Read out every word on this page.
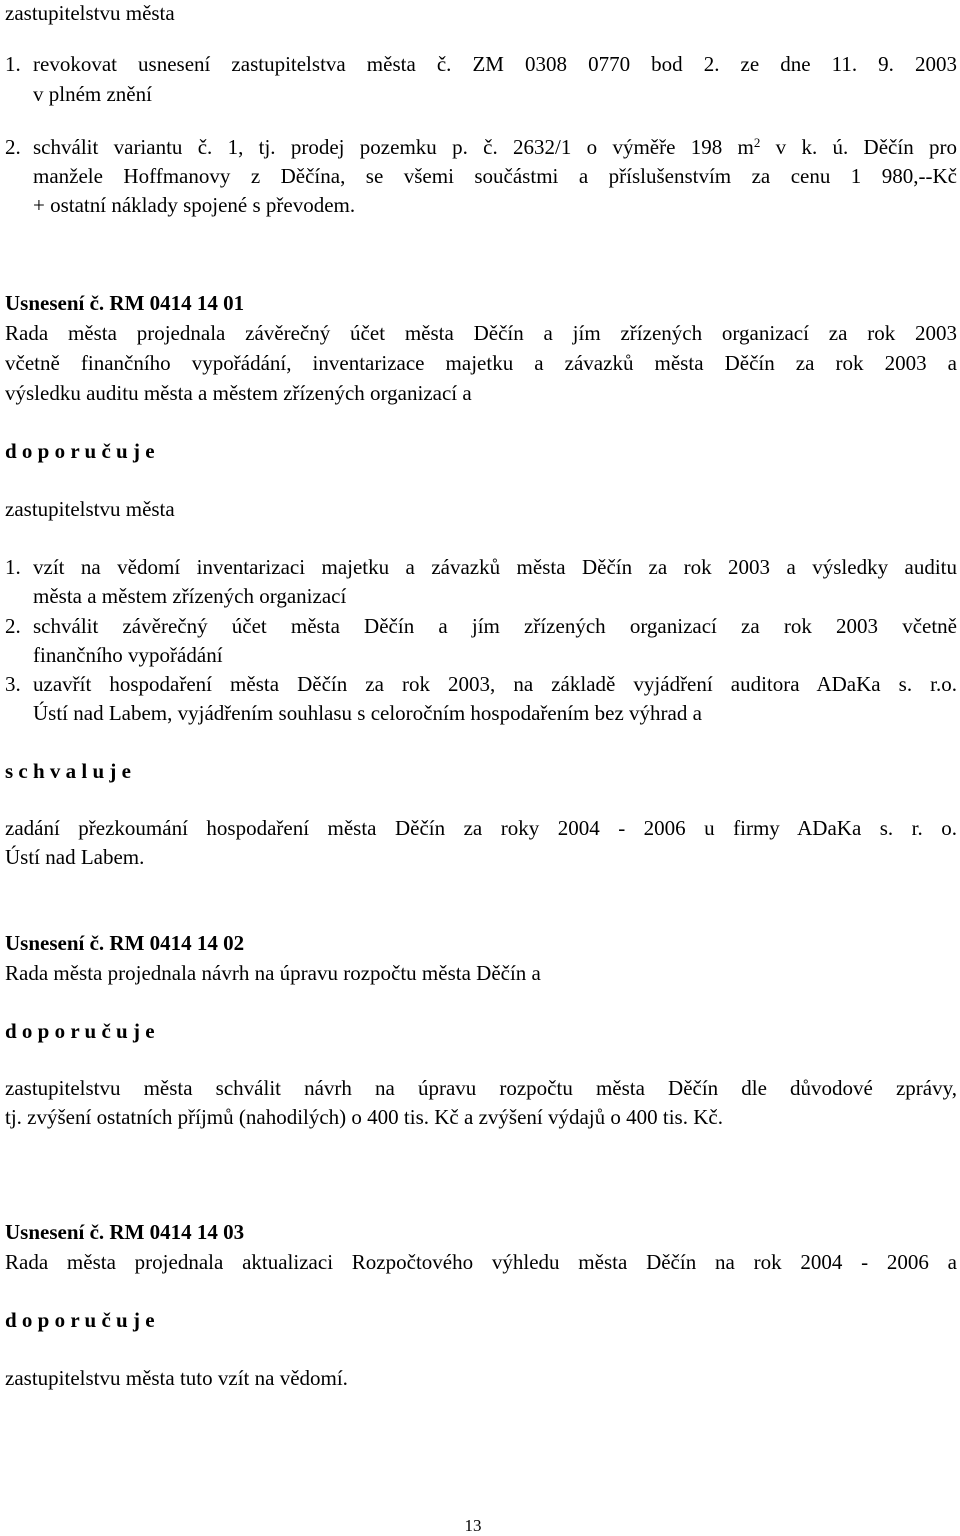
zastupitelstvu města
1. revokovat usnesení zastupitelstva města č. ZM 0308 0770 bod 2. ze dne 11. 9. 2003
v plném znění
2. schválit variantu č. 1, tj. prodej pozemku p. č. 2632/1 o výměře 198 $m^2$ v k. ú. Děčín pro
manžele Hoffmanovy z Děčína, se všemi součástmi a příslušenstvím za cenu 1 980,--Kč
+ ostatní náklady spojené s převodem.
Usnesení č. RM 0414 14 01
Rada města projednala závěrečný účet města Děčín a jím zřízených organizací za rok 2003
včetně finančního vypořádání, inventarizace majetku a závazků města Děčín za rok 2003 a
výsledku auditu města a městem zřízených organizací a
d o p o r u č u j e
zastupitelstvu města
1. vzít na vědomí inventarizaci majetku a závazků města Děčín za rok 2003 a výsledky auditu
města a městem zřízených organizací
2. schválit závěrečný účet města Děčín a jím zřízených organizací za rok 2003 včetně
finančního vypořádání
3. uzavřít hospodaření města Děčín za rok 2003, na základě vyjádření auditora ADaKa s. r.o.
Ústí nad Labem, vyjádřením souhlasu s celoročním hospodařením bez výhrad a
s c h v a l u j e
zadání přezkoumání hospodaření města Děčín za roky 2004 - 2006 u firmy ADaKa s. r. o.
Ústí nad Labem.
Usnesení č. RM 0414 14 02
Rada města projednala návrh na úpravu rozpočtu města Děčín a
d o p o r u č u j e
zastupitelstvu města schválit návrh na úpravu rozpočtu města Děčín dle důvodové zprávy,
tj. zvýšení ostatních příjmů (nahodilých) o 400 tis. Kč a zvýšení výdajů o 400 tis. Kč.
Usnesení č. RM 0414 14 03
Rada města projednala aktualizaci Rozpočtového výhledu města Děčín na rok 2004 - 2006 a
d o p o r u č u j e
zastupitelstvu města tuto vzít na vědomí.
13
